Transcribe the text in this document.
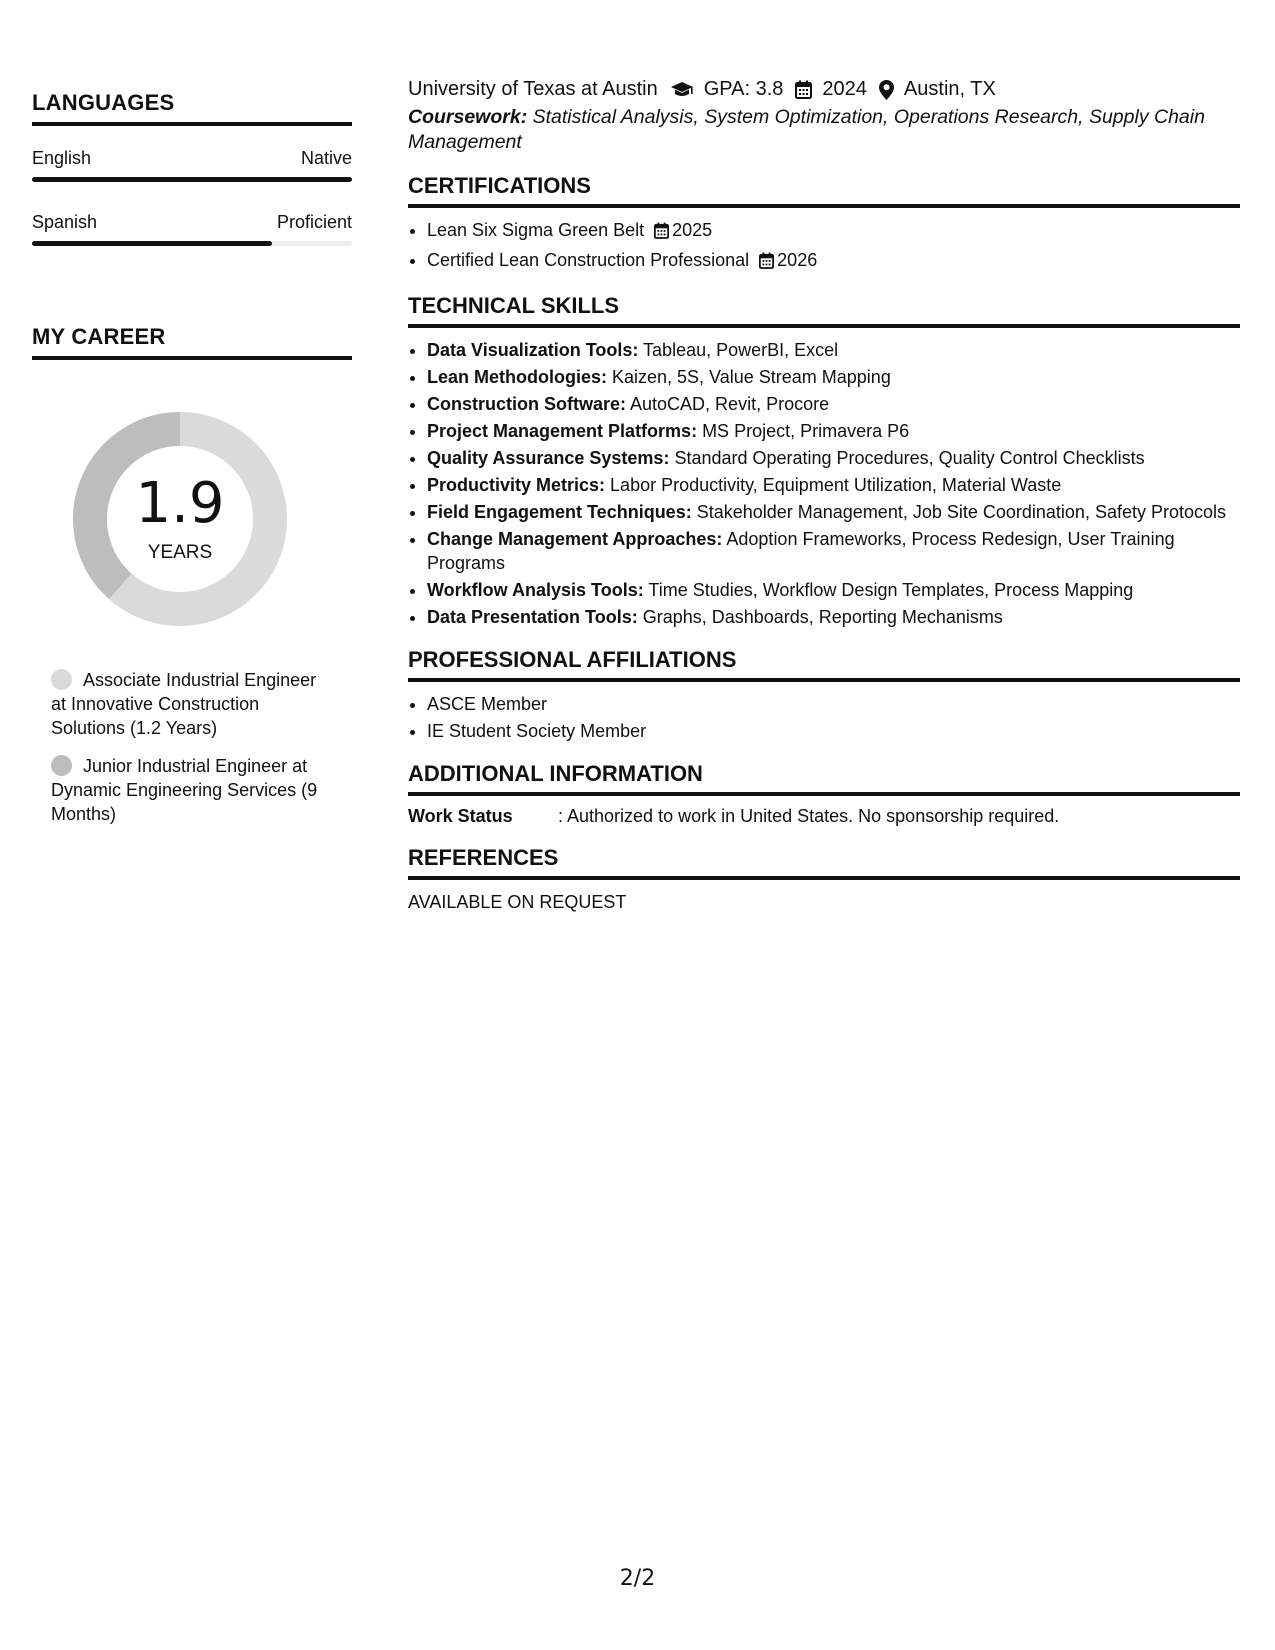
LANGUAGES
English	Native
Spanish	Proficient
MY CAREER
1.9
YEARS
Associate Industrial Engineer at Innovative Construction Solutions (1.2 Years)
Junior Industrial Engineer at Dynamic Engineering Services (9 Months)
University of Texas at Austin GPA: 3.8 2024 Austin, TX
Coursework: Statistical Analysis, System Optimization, Operations Research, Supply Chain Management
CERTIFICATIONS
• Lean Six Sigma Green Belt 2025
• Certified Lean Construction Professional 2026
TECHNICAL SKILLS
• Data Visualization Tools: Tableau, PowerBI, Excel
• Lean Methodologies: Kaizen, 5S, Value Stream Mapping
• Construction Software: AutoCAD, Revit, Procore
• Project Management Platforms: MS Project, Primavera P6
• Quality Assurance Systems: Standard Operating Procedures, Quality Control Checklists
• Productivity Metrics: Labor Productivity, Equipment Utilization, Material Waste
• Field Engagement Techniques: Stakeholder Management, Job Site Coordination, Safety Protocols
• Change Management Approaches: Adoption Frameworks, Process Redesign, User Training Programs
• Workflow Analysis Tools: Time Studies, Workflow Design Templates, Process Mapping
• Data Presentation Tools: Graphs, Dashboards, Reporting Mechanisms
PROFESSIONAL AFFILIATIONS
• ASCE Member
• IE Student Society Member
ADDITIONAL INFORMATION
Work Status	: Authorized to work in United States. No sponsorship required.
REFERENCES
AVAILABLE ON REQUEST
2/2
